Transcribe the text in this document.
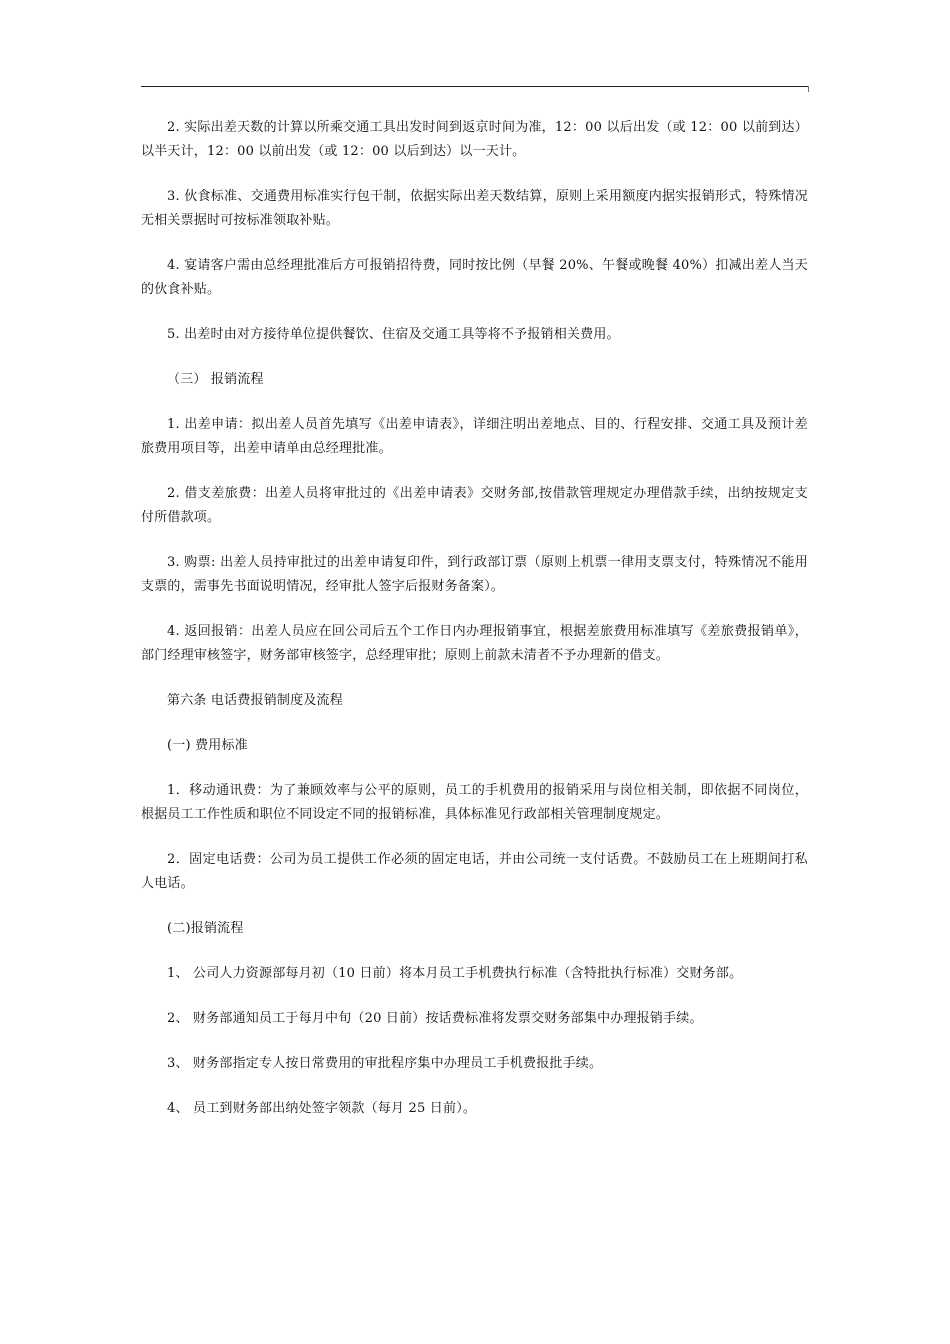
2. 实际出差天数的计算以所乘交通工具出发时间到返京时间为准，12：00 以后出发（或 12：00 以前到达）以半天计，12：00 以前出发（或 12：00 以后到达）以一天计。

3. 伙食标准、交通费用标准实行包干制，依据实际出差天数结算，原则上采用额度内据实报销形式，特殊情况无相关票据时可按标准领取补贴。

4. 宴请客户需由总经理批准后方可报销招待费，同时按比例（早餐 20%、午餐或晚餐 40%）扣减出差人当天的伙食补贴。

5. 出差时由对方接待单位提供餐饮、住宿及交通工具等将不予报销相关费用。

（三） 报销流程

1. 出差申请：拟出差人员首先填写《出差申请表》，详细注明出差地点、目的、行程安排、交通工具及预计差旅费用项目等，出差申请单由总经理批准。

2. 借支差旅费：出差人员将审批过的《出差申请表》交财务部,按借款管理规定办理借款手续，出纳按规定支付所借款项。

3. 购票: 出差人员持审批过的出差申请复印件，到行政部订票（原则上机票一律用支票支付，特殊情况不能用支票的，需事先书面说明情况，经审批人签字后报财务备案）。

4. 返回报销：出差人员应在回公司后五个工作日内办理报销事宜，根据差旅费用标准填写《差旅费报销单》，部门经理审核签字，财务部审核签字，总经理审批；原则上前款未清者不予办理新的借支。

第六条 电话费报销制度及流程

(一) 费用标准

1．移动通讯费：为了兼顾效率与公平的原则，员工的手机费用的报销采用与岗位相关制，即依据不同岗位，根据员工工作性质和职位不同设定不同的报销标准，具体标准见行政部相关管理制度规定。

2．固定电话费：公司为员工提供工作必须的固定电话，并由公司统一支付话费。不鼓励员工在上班期间打私人电话。

(二)报销流程

1、 公司人力资源部每月初（10 日前）将本月员工手机费执行标准（含特批执行标准）交财务部。

2、 财务部通知员工于每月中旬（20 日前）按话费标准将发票交财务部集中办理报销手续。

3、 财务部指定专人按日常费用的审批程序集中办理员工手机费报批手续。

4、 员工到财务部出纳处签字领款（每月 25 日前）。
